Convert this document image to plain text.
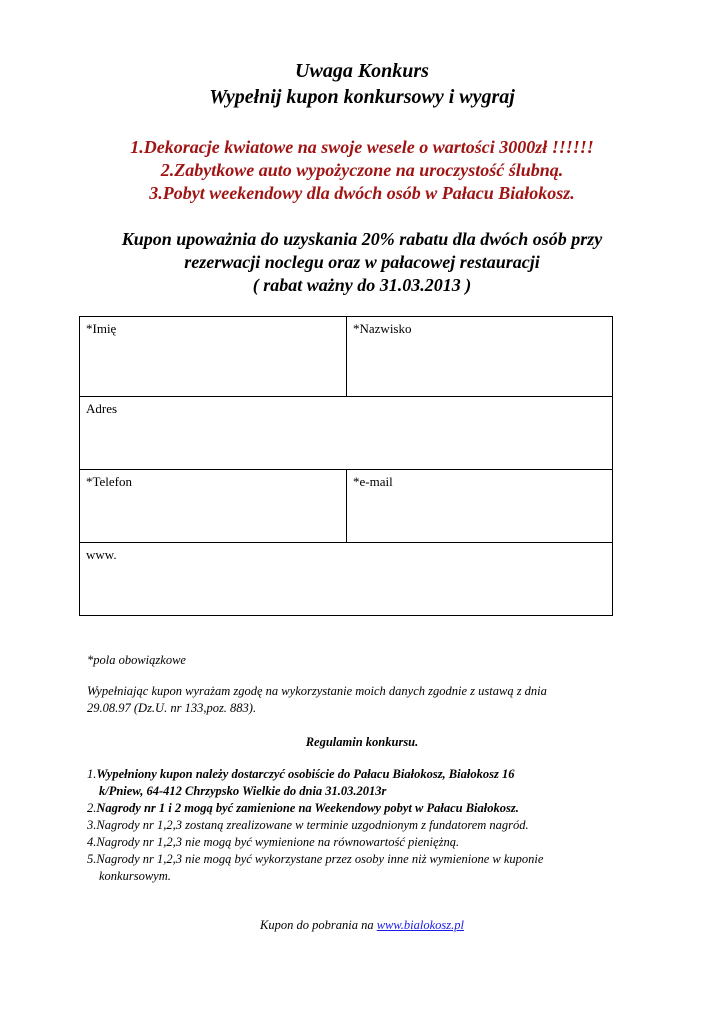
Uwaga Konkurs
Wypełnij kupon konkursowy i wygraj
1.Dekoracje kwiatowe na swoje wesele o wartości 3000zł !!!!!!
2.Zabytkowe auto wypożyczone na uroczystość ślubną.
3.Pobyt weekendowy dla dwóch osób w Pałacu Białokosz.
Kupon upoważnia do uzyskania 20% rabatu dla dwóch osób przy
rezerwacji noclegu oraz w pałacowej restauracji
( rabat ważny do 31.03.2013 )
*Imię	*Nazwisko
Adres	
*Telefon	*e-mail
www.	
*pola obowiązkowe
Wypełniając kupon wyrażam zgodę na wykorzystanie moich danych zgodnie z ustawą z dnia
29.08.97 (Dz.U. nr 133,poz. 883).
Regulamin konkursu.
1.Wypełniony kupon należy dostarczyć osobiście do Pałacu Białokosz, Białokosz 16
k/Pniew, 64-412 Chrzypsko Wielkie do dnia 31.03.2013r
2.Nagrody nr 1 i 2 mogą być zamienione na Weekendowy pobyt w Pałacu Białokosz.
3.Nagrody nr 1,2,3 zostaną zrealizowane w terminie uzgodnionym z fundatorem nagród.
4.Nagrody nr 1,2,3 nie mogą być wymienione na równowartość pieniężną.
5.Nagrody nr 1,2,3 nie mogą być wykorzystane przez osoby inne niż wymienione w kuponie
konkursowym.
Kupon do pobrania na www.bialokosz.pl
